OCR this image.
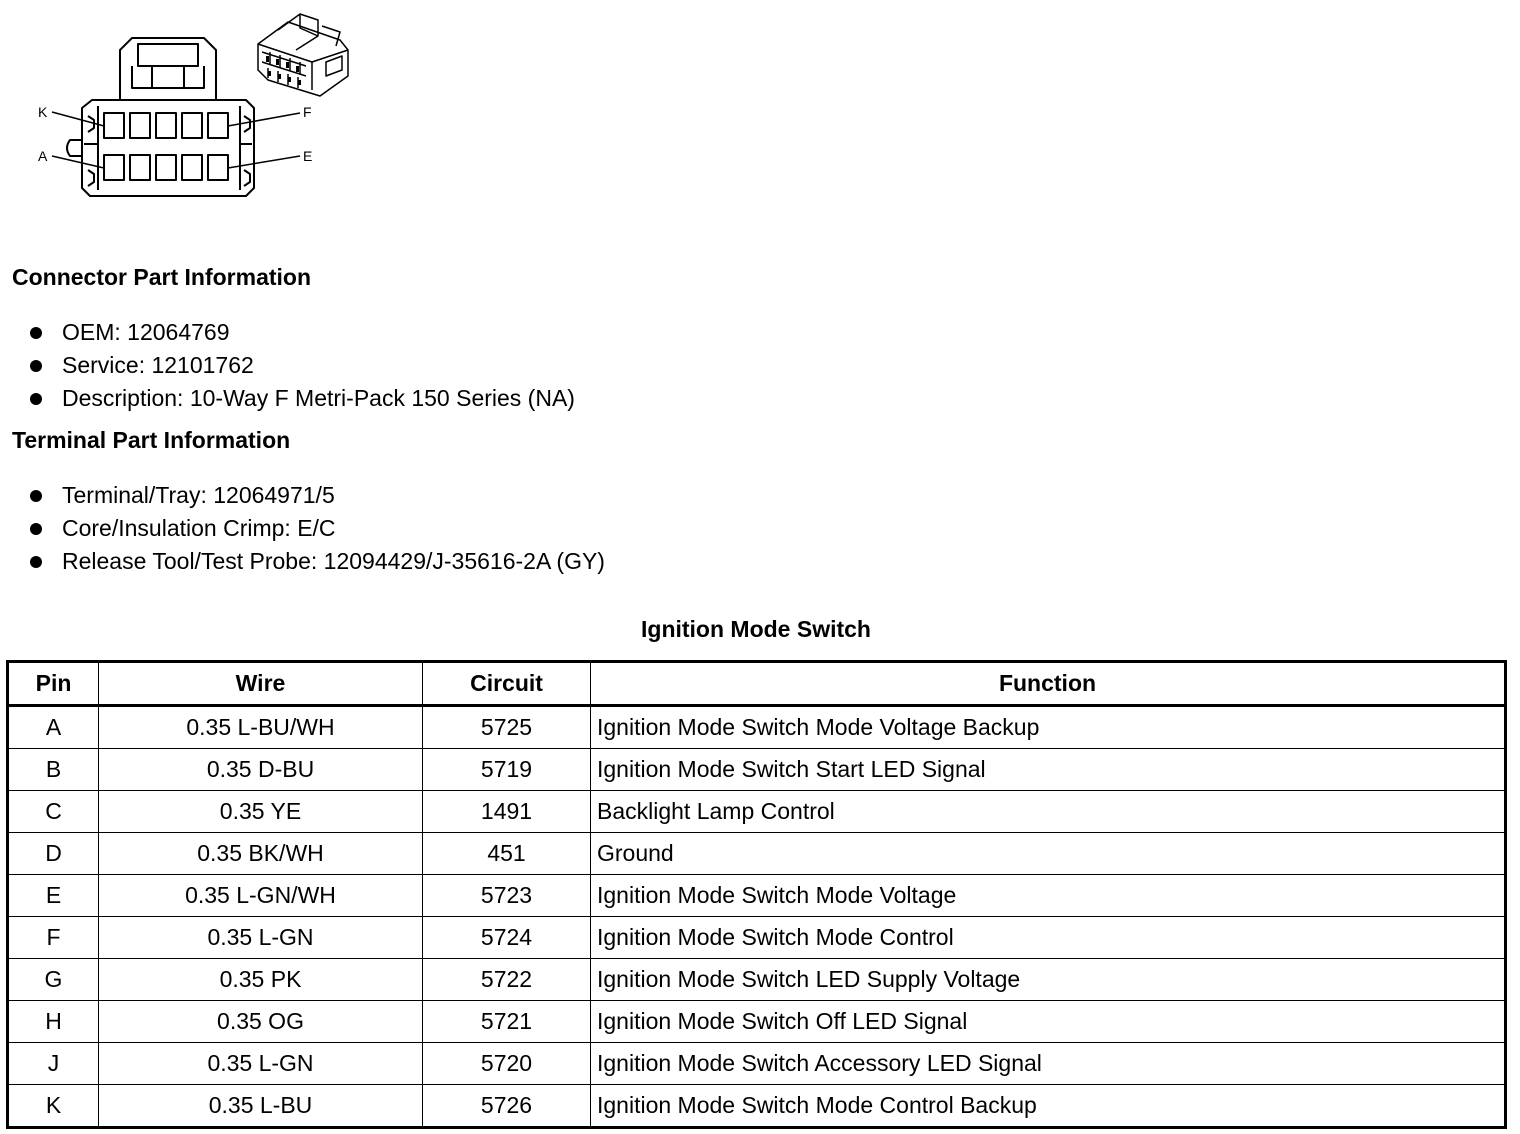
K
A
F
E
Connector Part Information
OEM: 12064769
Service: 12101762
Description: 10-Way F Metri-Pack 150 Series (NA)
Terminal Part Information
Terminal/Tray: 12064971/5
Core/Insulation Crimp: E/C
Release Tool/Test Probe: 12094429/J-35616-2A (GY)
Ignition Mode Switch
Pin	Wire	Circuit	Function
A	0.35 L-BU/WH	5725	Ignition Mode Switch Mode Voltage Backup
B	0.35 D-BU	5719	Ignition Mode Switch Start LED Signal
C	0.35 YE	1491	Backlight Lamp Control
D	0.35 BK/WH	451	Ground
E	0.35 L-GN/WH	5723	Ignition Mode Switch Mode Voltage
F	0.35 L-GN	5724	Ignition Mode Switch Mode Control
G	0.35 PK	5722	Ignition Mode Switch LED Supply Voltage
H	0.35 OG	5721	Ignition Mode Switch Off LED Signal
J	0.35 L-GN	5720	Ignition Mode Switch Accessory LED Signal
K	0.35 L-BU	5726	Ignition Mode Switch Mode Control Backup
